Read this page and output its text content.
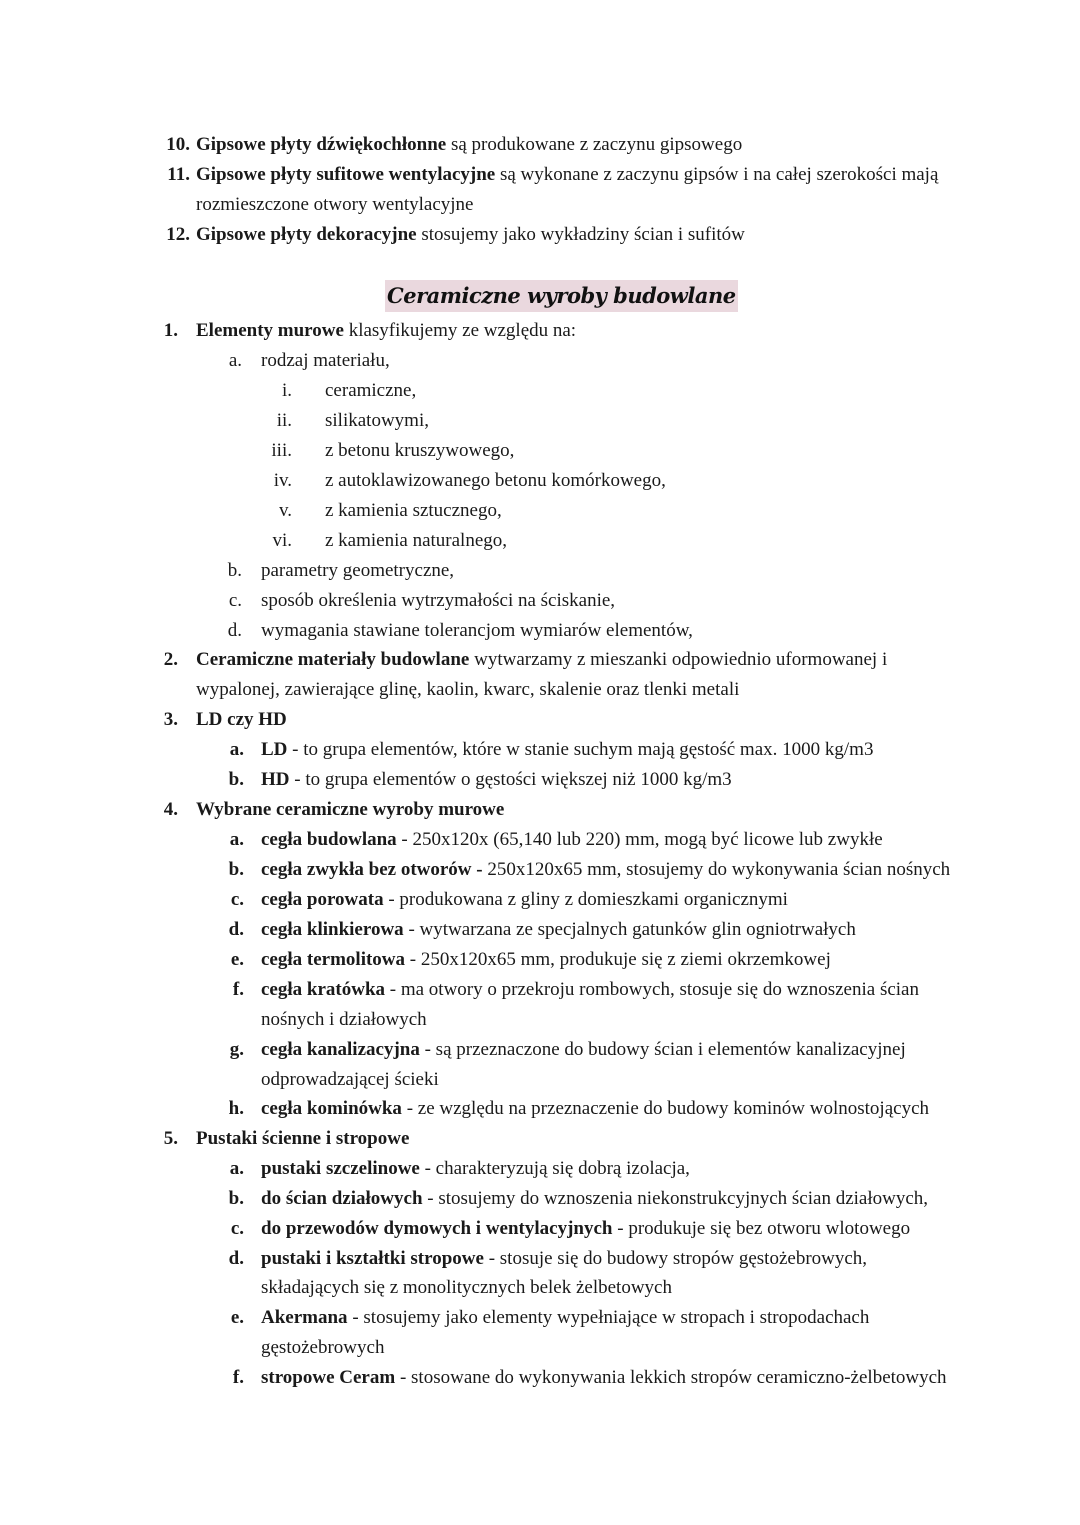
10. Gipsowe płyty dźwiękochłonne są produkowane z zaczynu gipsowego
11. Gipsowe płyty sufitowe wentylacyjne są wykonane z zaczynu gipsów i na całej szerokości mają
rozmieszczone otwory wentylacyjne
12. Gipsowe płyty dekoracyjne stosujemy jako wykładziny ścian i sufitów
Ceramiczne wyroby budowlane
1. Elementy murowe klasyfikujemy ze względu na:
a. rodzaj materiału,
i. ceramiczne,
ii. silikatowymi,
iii. z betonu kruszywowego,
iv. z autoklawizowanego betonu komórkowego,
v. z kamienia sztucznego,
vi. z kamienia naturalnego,
b. parametry geometryczne,
c. sposób określenia wytrzymałości na ściskanie,
d. wymagania stawiane tolerancjom wymiarów elementów,
2. Ceramiczne materiały budowlane wytwarzamy z mieszanki odpowiednio uformowanej i
wypalonej, zawierające glinę, kaolin, kwarc, skalenie oraz tlenki metali
3. LD czy HD
a. LD - to grupa elementów, które w stanie suchym mają gęstość max. 1000 kg/m3
b. HD - to grupa elementów o gęstości większej niż 1000 kg/m3
4. Wybrane ceramiczne wyroby murowe
a. cegła budowlana - 250x120x (65,140 lub 220) mm, mogą być licowe lub zwykłe
b. cegła zwykła bez otworów - 250x120x65 mm, stosujemy do wykonywania ścian nośnych
c. cegła porowata - produkowana z gliny z domieszkami organicznymi
d. cegła klinkierowa - wytwarzana ze specjalnych gatunków glin ogniotrwałych
e. cegła termolitowa - 250x120x65 mm, produkuje się z ziemi okrzemkowej
f. cegła kratówka - ma otwory o przekroju rombowych, stosuje się do wznoszenia ścian
nośnych i działowych
g. cegła kanalizacyjna - są przeznaczone do budowy ścian i elementów kanalizacyjnej
odprowadzającej ścieki
h. cegła kominówka - ze względu na przeznaczenie do budowy kominów wolnostojących
5. Pustaki ścienne i stropowe
a. pustaki szczelinowe - charakteryzują się dobrą izolacja,
b. do ścian działowych - stosujemy do wznoszenia niekonstrukcyjnych ścian działowych,
c. do przewodów dymowych i wentylacyjnych - produkuje się bez otworu wlotowego
d. pustaki i kształtki stropowe - stosuje się do budowy stropów gęstożebrowych,
składających się z monolitycznych belek żelbetowych
e. Akermana - stosujemy jako elementy wypełniające w stropach i stropodachach
gęstożebrowych
f. stropowe Ceram - stosowane do wykonywania lekkich stropów ceramiczno-żelbetowych
